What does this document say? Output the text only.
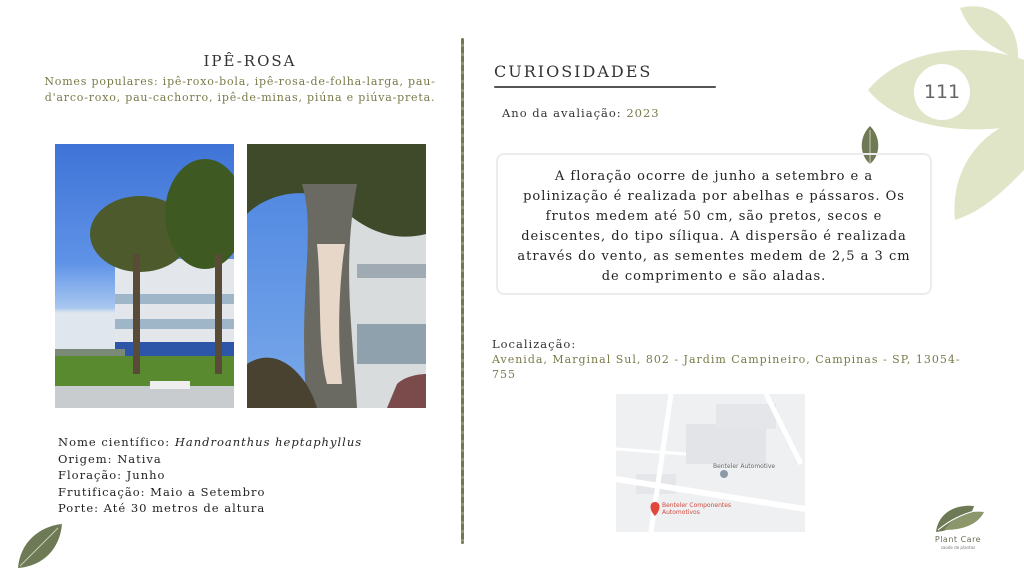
111
IPÊ-ROSA
Nomes populares: ipê-roxo-bola, ipê-rosa-de-folha-larga, pau-d'arco-roxo, pau-cachorro, ipê-de-minas, piúna e piúva-preta.
Nome científico: Handroanthus heptaphyllus
Origem: Nativa
Floração: Junho
Frutificação: Maio a Setembro
Porte: Até 30 metros de altura
CURIOSIDADES
Ano da avaliação: 2023
A floração ocorre de junho a setembro e a polinização é realizada por abelhas e pássaros. Os frutos medem até 50 cm, são pretos, secos e deiscentes, do tipo síliqua. A dispersão é realizada através do vento, as sementes medem de 2,5 a 3 cm de comprimento e são aladas.
Localização:
Avenida, Marginal Sul, 802 - Jardim Campineiro, Campinas - SP, 13054-755
Benteler Automotive
Benteler Componentes Automotivos
Plant Care
saúde de plantas
